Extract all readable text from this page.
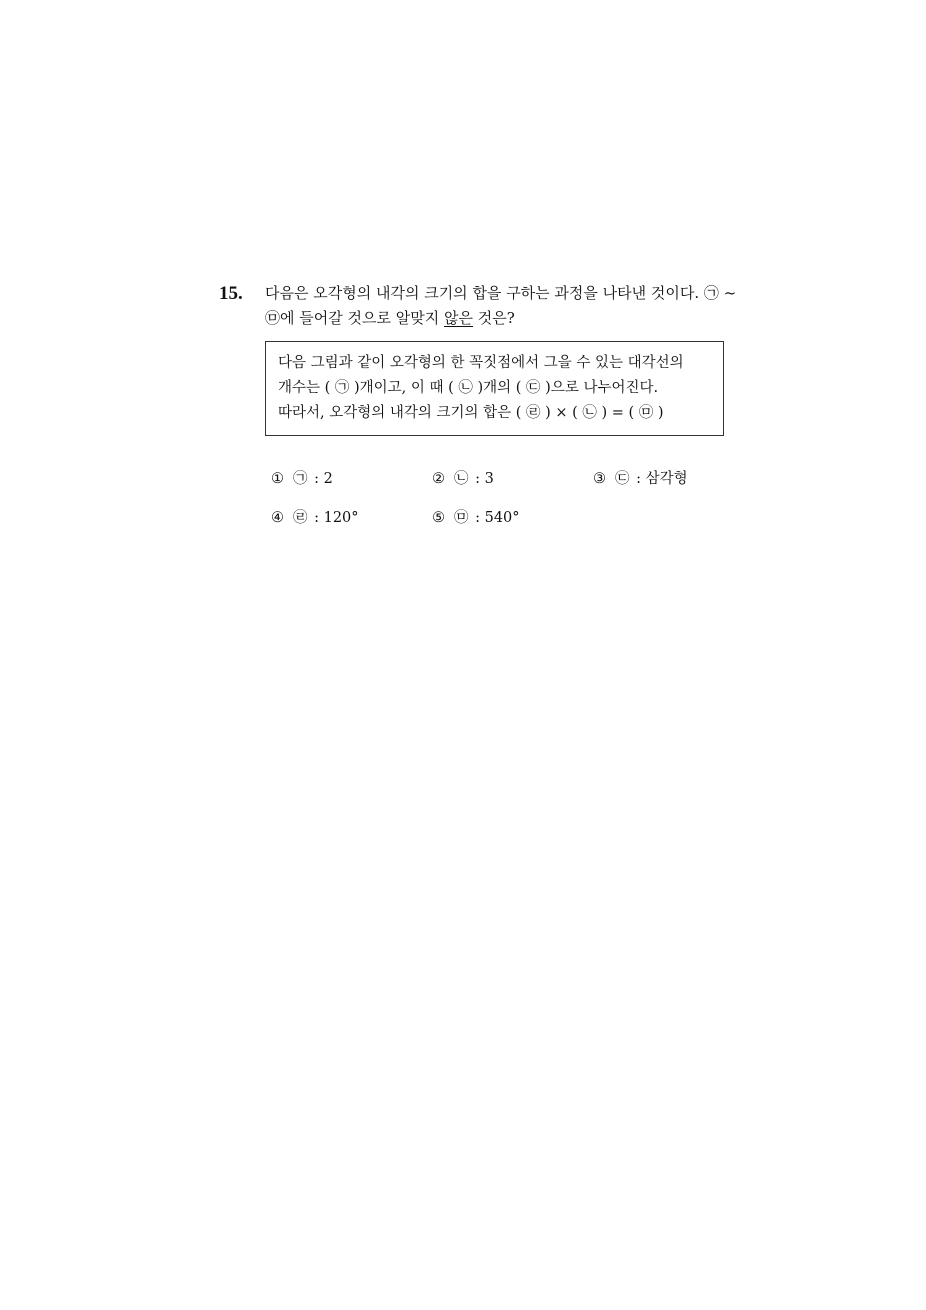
15. 다음은 오각형의 내각의 크기의 합을 구하는 과정을 나타낸 것이다. ㉠ ~
㉤에 들어갈 것으로 알맞지 않은 것은?
다음 그림과 같이 오각형의 한 꼭짓점에서 그을 수 있는 대각선의
개수는 ( ㉠ )개이고, 이 때 ( ㉡ )개의 ( ㉢ )으로 나누어진다.
따라서, 오각형의 내각의 크기의 합은 ( ㉣ ) × ( ㉡ ) = ( ㉤ )
① ㉠ : 2	② ㉡ : 3	③ ㉢ : 삼각형
④ ㉣ : 120°	⑤ ㉤ : 540°
